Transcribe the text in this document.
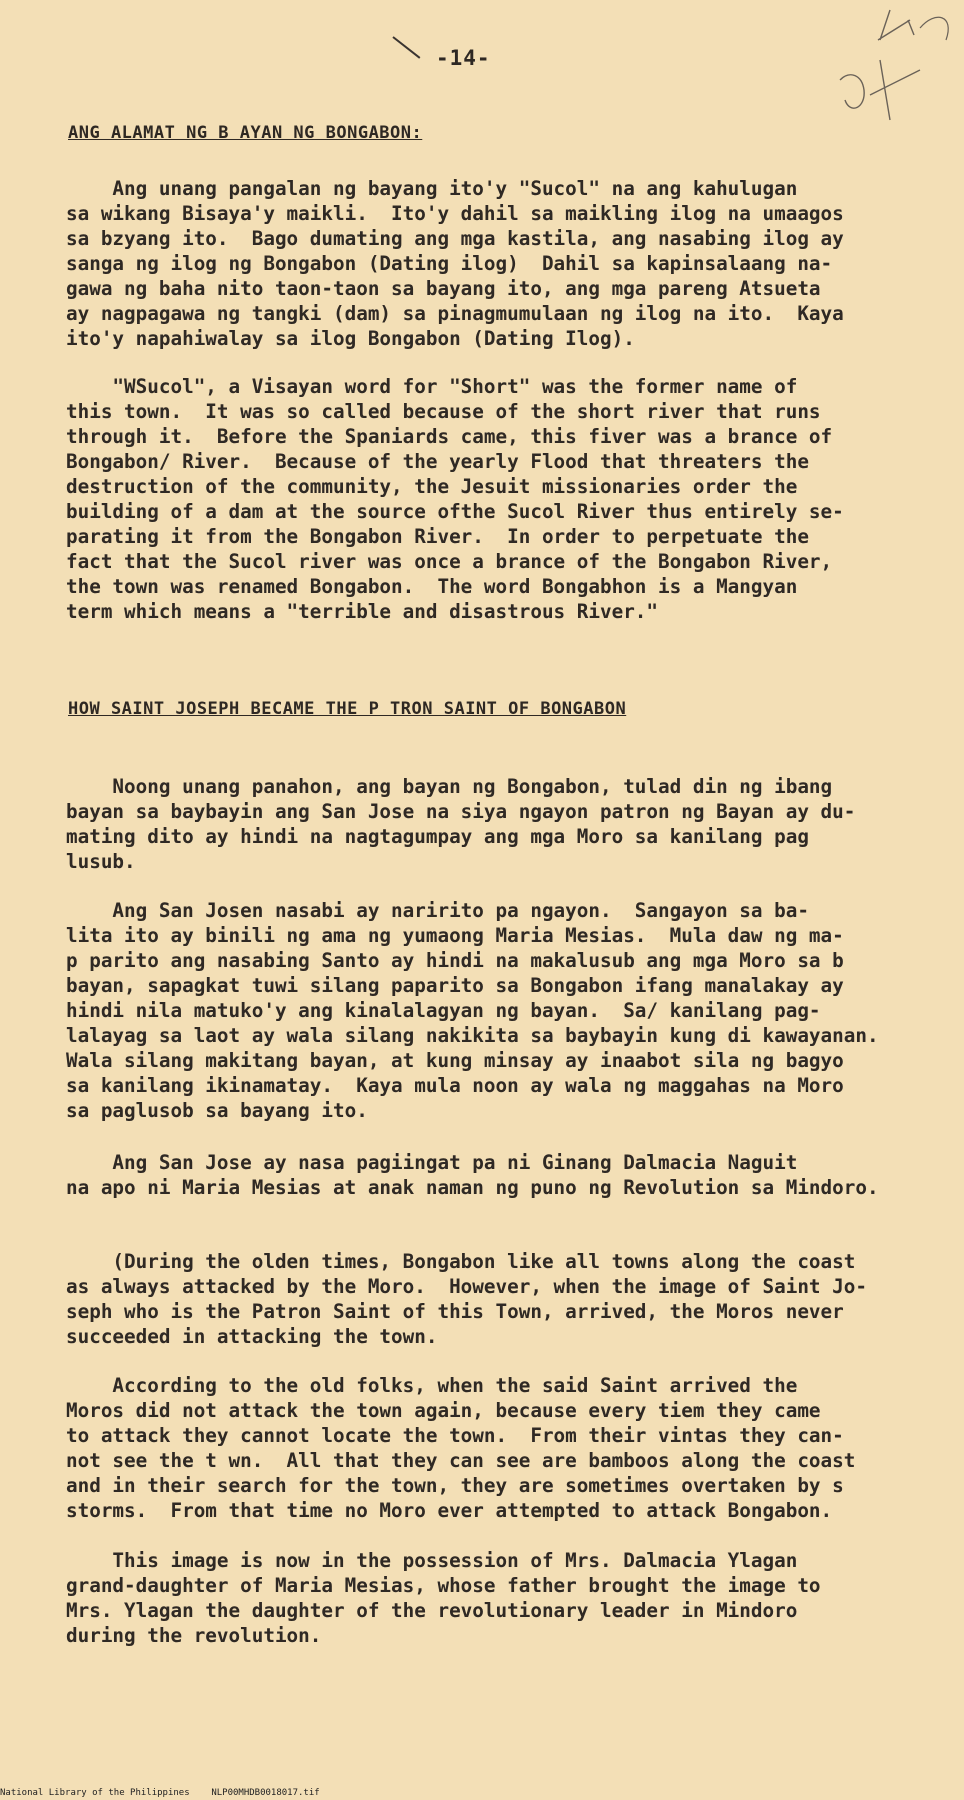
-14-
ANG ALAMAT NG B AYAN NG BONGABON:
Ang unang pangalan ng bayang ito'y "Sucol" na ang kahulugan
sa wikang Bisaya'y maikli.  Ito'y dahil sa maikling ilog na umaagos
sa bzyang ito.  Bago dumating ang mga kastila, ang nasabing ilog ay
sanga ng ilog ng Bongabon (Dating ilog)  Dahil sa kapinsalaang na-
gawa ng baha nito taon-taon sa bayang ito, ang mga pareng Atsueta
ay nagpagawa ng tangki (dam) sa pinagmumulaan ng ilog na ito.  Kaya
ito'y napahiwalay sa ilog Bongabon (Dating Ilog).
"WSucol", a Visayan word for "Short" was the former name of
this town.  It was so called because of the short river that runs
through it.  Before the Spaniards came, this fiver was a brance of
Bongabon/ River.  Because of the yearly Flood that threaters the
destruction of the community, the Jesuit missionaries order the
building of a dam at the source ofthe Sucol River thus entirely se-
parating it from the Bongabon River.  In order to perpetuate the
fact that the Sucol river was once a brance of the Bongabon River,
the town was renamed Bongabon.  The word Bongabhon is a Mangyan
term which means a "terrible and disastrous River."
HOW SAINT JOSEPH BECAME THE P TRON SAINT OF BONGABON
Noong unang panahon, ang bayan ng Bongabon, tulad din ng ibang
bayan sa baybayin ang San Jose na siya ngayon patron ng Bayan ay du-
mating dito ay hindi na nagtagumpay ang mga Moro sa kanilang pag
lusub.
Ang San Josen nasabi ay naririto pa ngayon.  Sangayon sa ba-
lita ito ay binili ng ama ng yumaong Maria Mesias.  Mula daw ng ma-
p parito ang nasabing Santo ay hindi na makalusub ang mga Moro sa b
bayan, sapagkat tuwi silang paparito sa Bongabon ifang manalakay ay
hindi nila matuko'y ang kinalalagyan ng bayan.  Sa/ kanilang pag-
lalayag sa laot ay wala silang nakikita sa baybayin kung di kawayanan.
Wala silang makitang bayan, at kung minsay ay inaabot sila ng bagyo
sa kanilang ikinamatay.  Kaya mula noon ay wala ng maggahas na Moro
sa paglusob sa bayang ito.
Ang San Jose ay nasa pagiingat pa ni Ginang Dalmacia Naguit
na apo ni Maria Mesias at anak naman ng puno ng Revolution sa Mindoro.
(During the olden times, Bongabon like all towns along the coast
as always attacked by the Moro.  However, when the image of Saint Jo-
seph who is the Patron Saint of this Town, arrived, the Moros never
succeeded in attacking the town.
According to the old folks, when the said Saint arrived the
Moros did not attack the town again, because every tiem they came
to attack they cannot locate the town.  From their vintas they can-
not see the t wn.  All that they can see are bamboos along the coast
and in their search for the town, they are sometimes overtaken by s
storms.  From that time no Moro ever attempted to attack Bongabon.
This image is now in the possession of Mrs. Dalmacia Ylagan
grand-daughter of Maria Mesias, whose father brought the image to
Mrs. Ylagan the daughter of the revolutionary leader in Mindoro
during the revolution.
National Library of the Philippines    NLP00MHDB0018017.tif
